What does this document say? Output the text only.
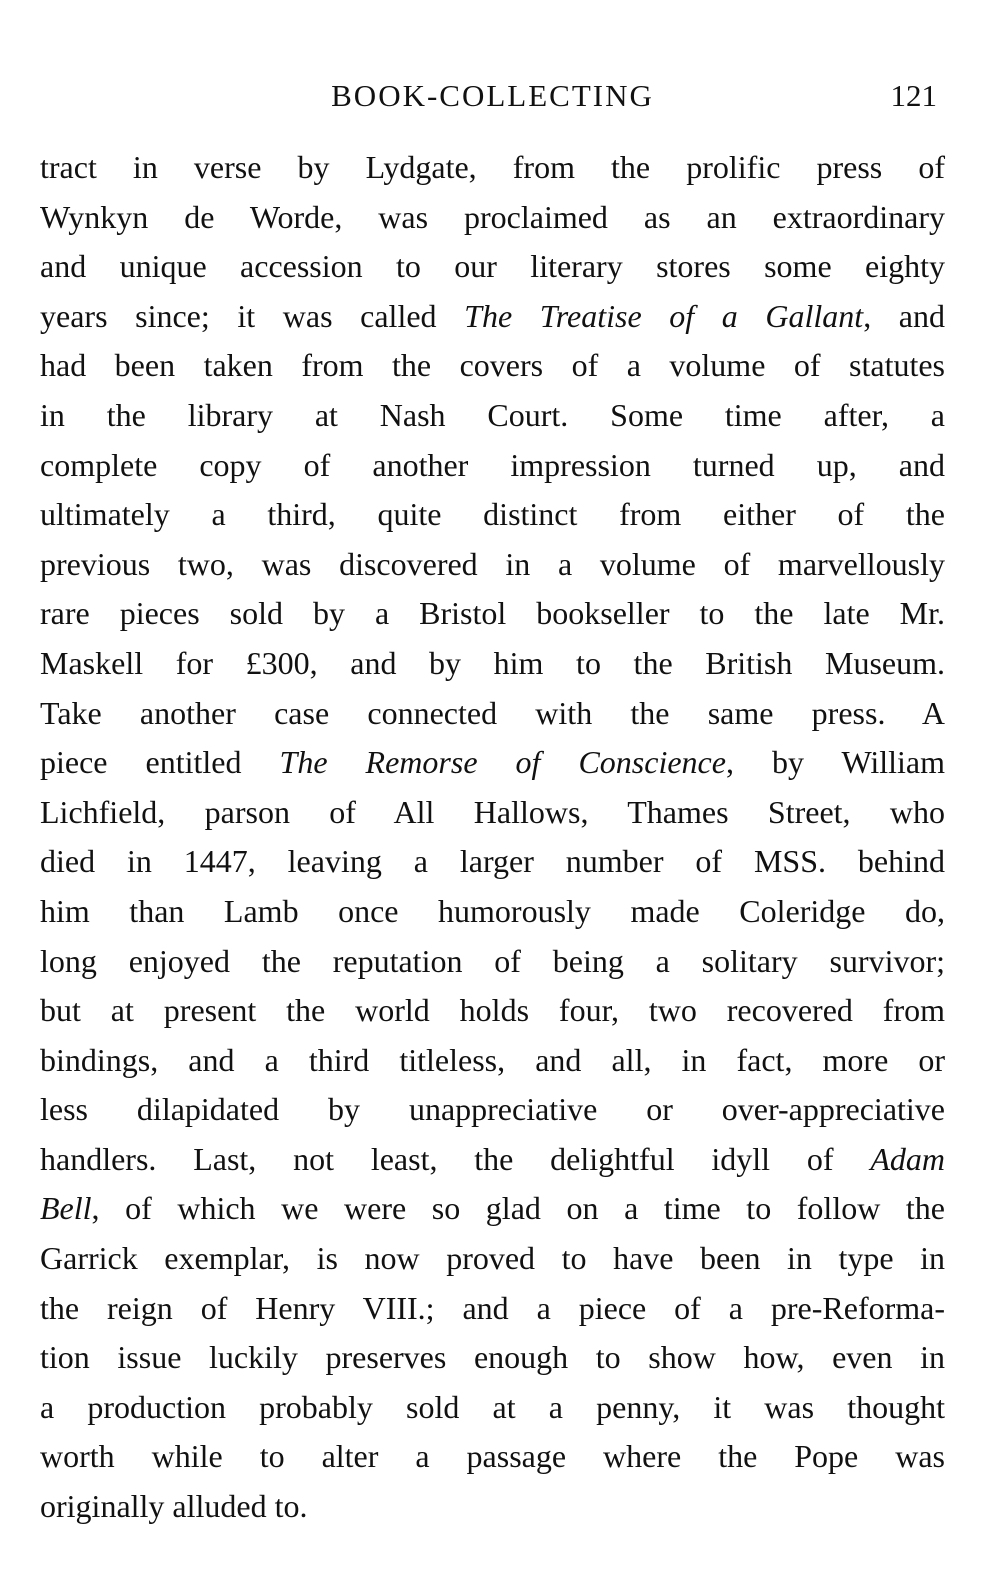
BOOK-COLLECTING	121
tract in verse by Lydgate, from the prolific press of
Wynkyn de Worde, was proclaimed as an extraordinary
and unique accession to our literary stores some eighty
years since; it was called The Treatise of a Gallant, and
had been taken from the covers of a volume of statutes
in the library at Nash Court. Some time after, a
complete copy of another impression turned up, and
ultimately a third, quite distinct from either of the
previous two, was discovered in a volume of marvellously
rare pieces sold by a Bristol bookseller to the late Mr.
Maskell for £300, and by him to the British Museum.
Take another case connected with the same press. A
piece entitled The Remorse of Conscience, by William
Lichfield, parson of All Hallows, Thames Street, who
died in 1447, leaving a larger number of MSS. behind
him than Lamb once humorously made Coleridge do,
long enjoyed the reputation of being a solitary survivor;
but at present the world holds four, two recovered from
bindings, and a third titleless, and all, in fact, more or
less dilapidated by unappreciative or over-appreciative
handlers. Last, not least, the delightful idyll of Adam
Bell, of which we were so glad on a time to follow the
Garrick exemplar, is now proved to have been in type in
the reign of Henry VIII.; and a piece of a pre-Reforma-
tion issue luckily preserves enough to show how, even in
a production probably sold at a penny, it was thought
worth while to alter a passage where the Pope was
originally alluded to.
